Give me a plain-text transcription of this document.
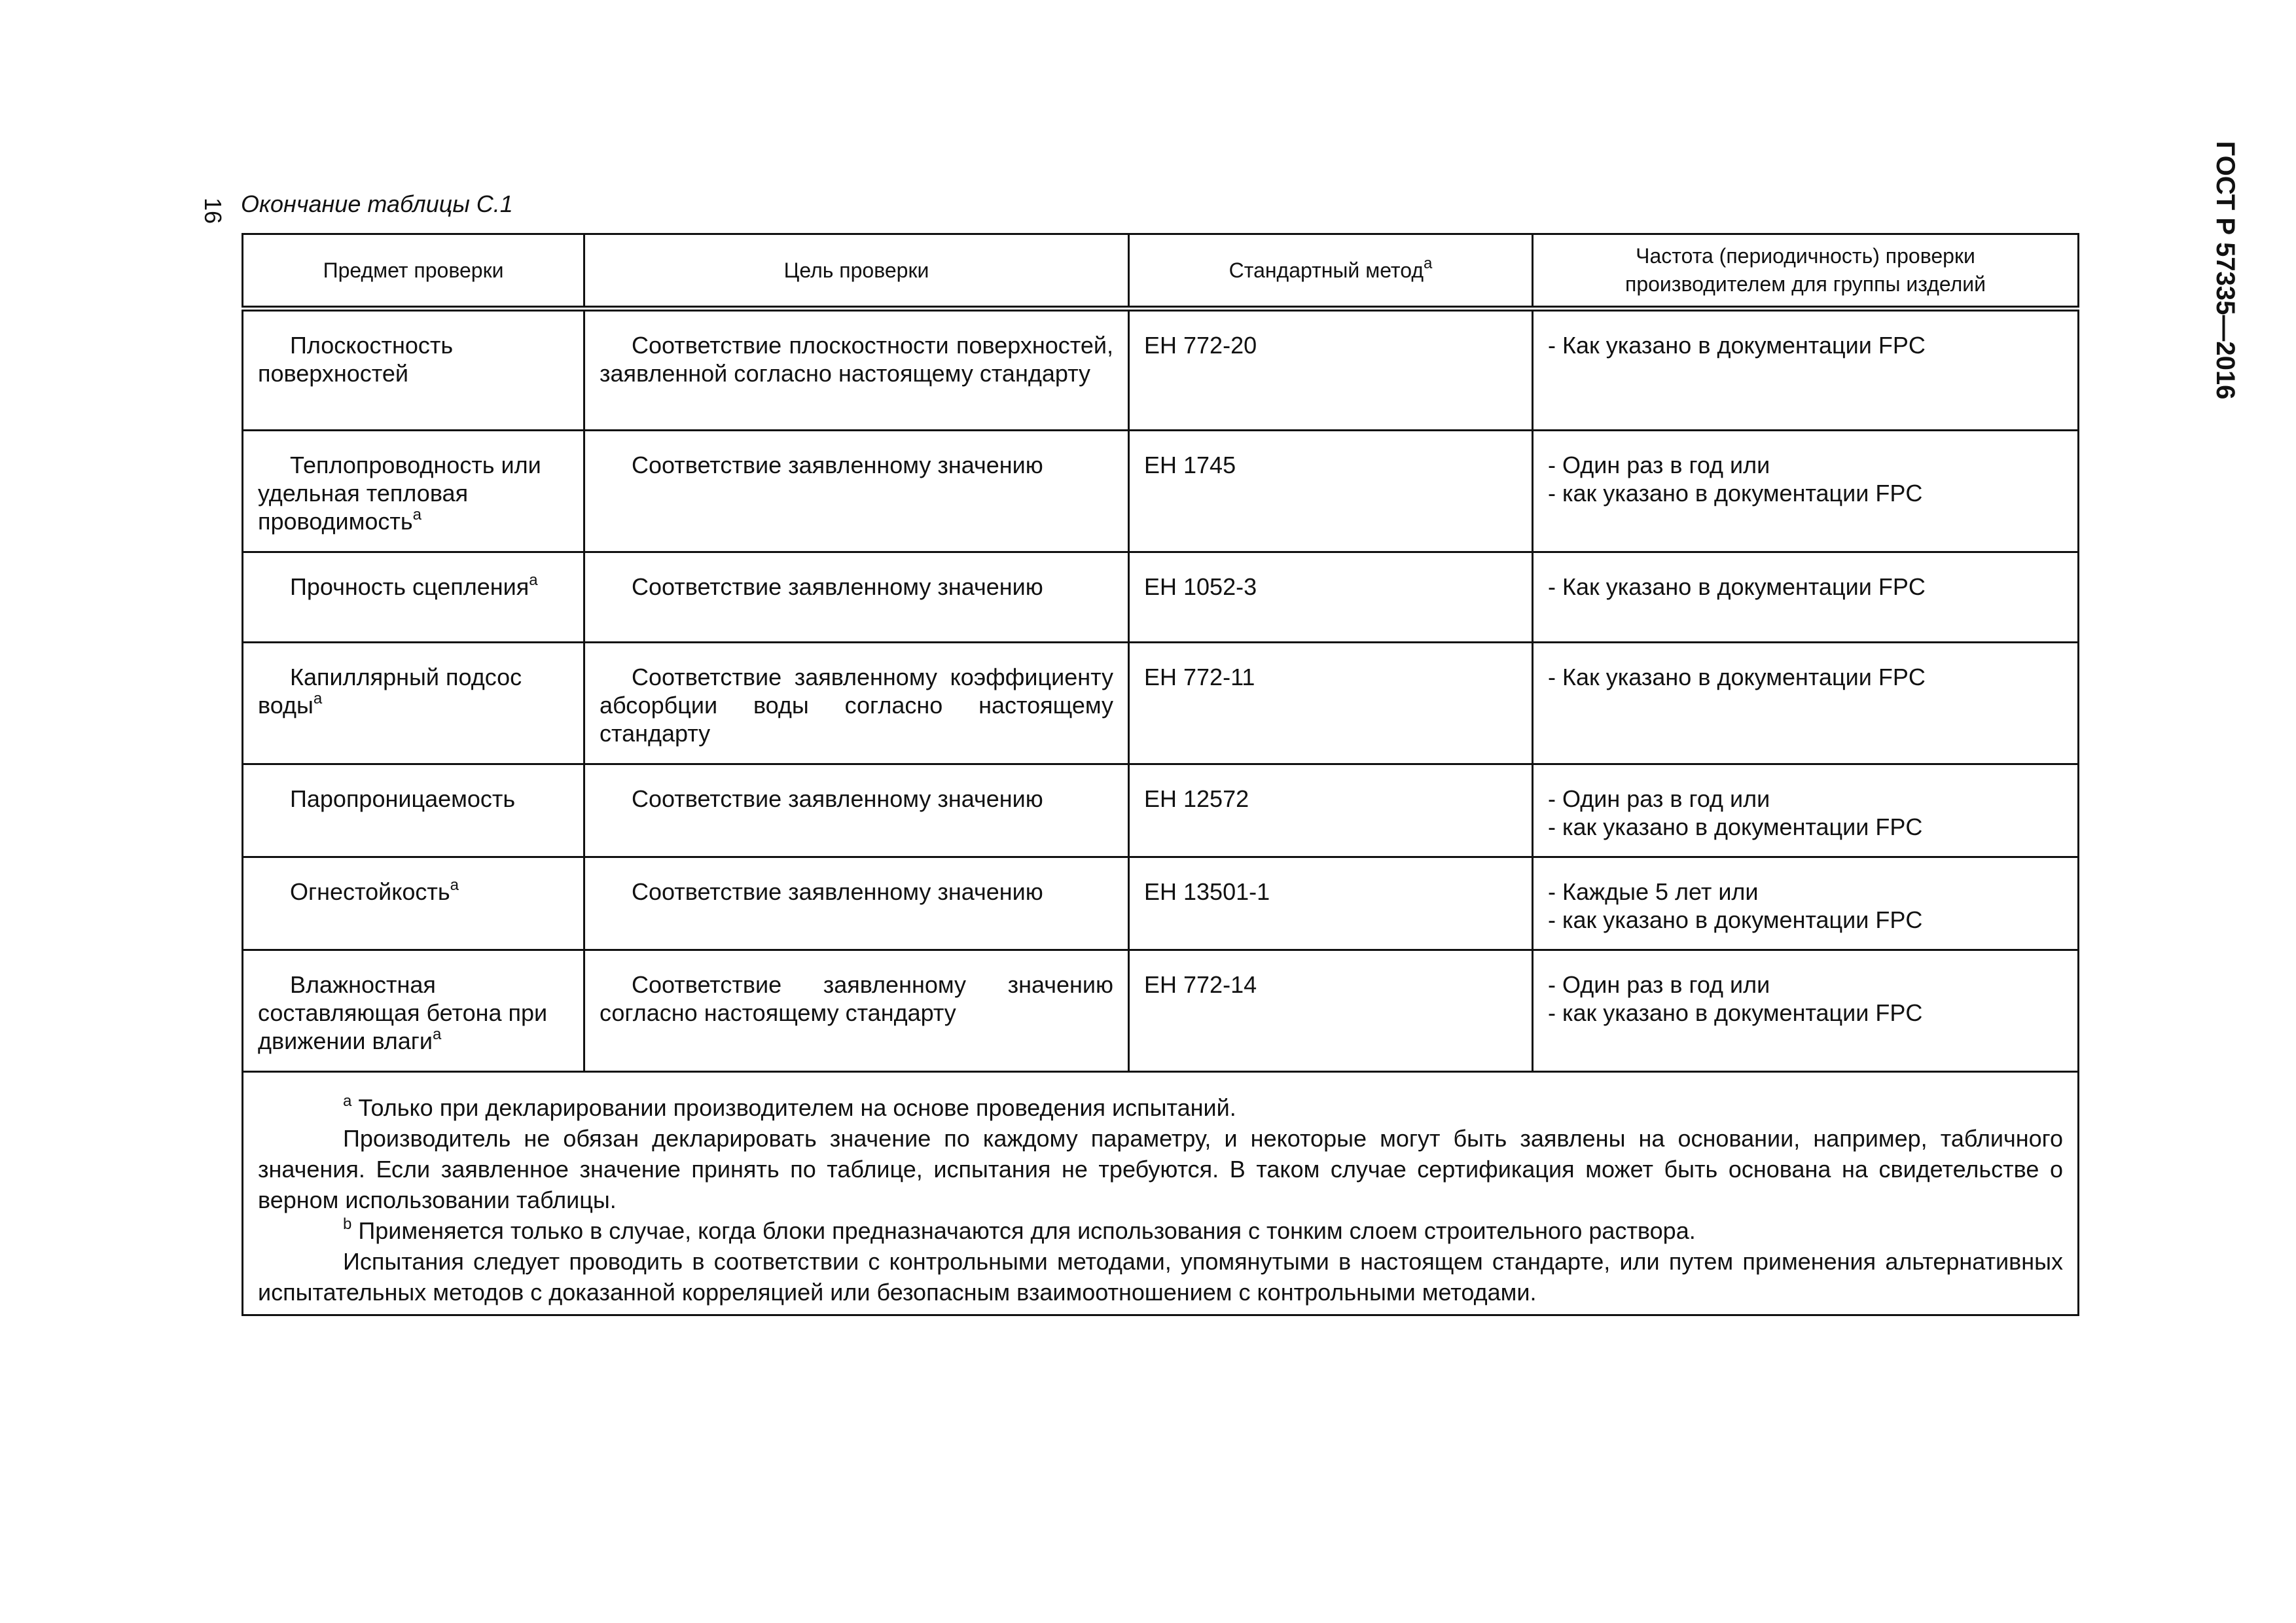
16	ГОСТ Р 57335—2016
Окончание таблицы С.1
Предмет проверки	Цель проверки	Стандартный метод$^a$	Частота (периодичность) проверки
производителем для группы изделий

Плоскостность поверхностей	Соответствие плоскостности поверхностей, заявленной согласно настоящему стандарту	ЕН 772-20	- Как указано в документации FPC

Теплопроводность или удельная тепловая проводимость$^a$	Соответствие заявленному значению	ЕН 1745	- Один раз в год или
- как указано в документации FPC

Прочность сцепления$^a$	Соответствие заявленному значению	ЕН 1052-3	- Как указано в документации FPC

Капиллярный подсос воды$^a$	Соответствие заявленному коэффициенту абсорбции воды согласно настоящему стандарту	ЕН 772-11	- Как указано в документации FPC

Паропроницаемость	Соответствие заявленному значению	ЕН 12572	- Один раз в год или
- как указано в документации FPC

Огнестойкость$^a$	Соответствие заявленному значению	ЕН 13501-1	- Каждые 5 лет или
- как указано в документации FPC

Влажностная составляющая бетона при движении влаги$^a$	Соответствие заявленному значению согласно настоящему стандарту	ЕН 772-14	- Один раз в год или
- как указано в документации FPC

$^a$ Только при декларировании производителем на основе проведения испытаний.

Производитель не обязан декларировать значение по каждому параметру, и некоторые могут быть заявлены на основании, например, табличного значения. Если заявленное значение принять по таблице, испытания не требуются. В таком случае сертификация может быть основана на свидетельстве о верном использовании таблицы.

$^b$ Применяется только в случае, когда блоки предназначаются для использования с тонким слоем строительного раствора.

Испытания следует проводить в соответствии с контрольными методами, упомянутыми в настоящем стандарте, или путем применения альтернативных испытательных методов с доказанной корреляцией или безопасным взаимоотношением с контрольными методами.			
